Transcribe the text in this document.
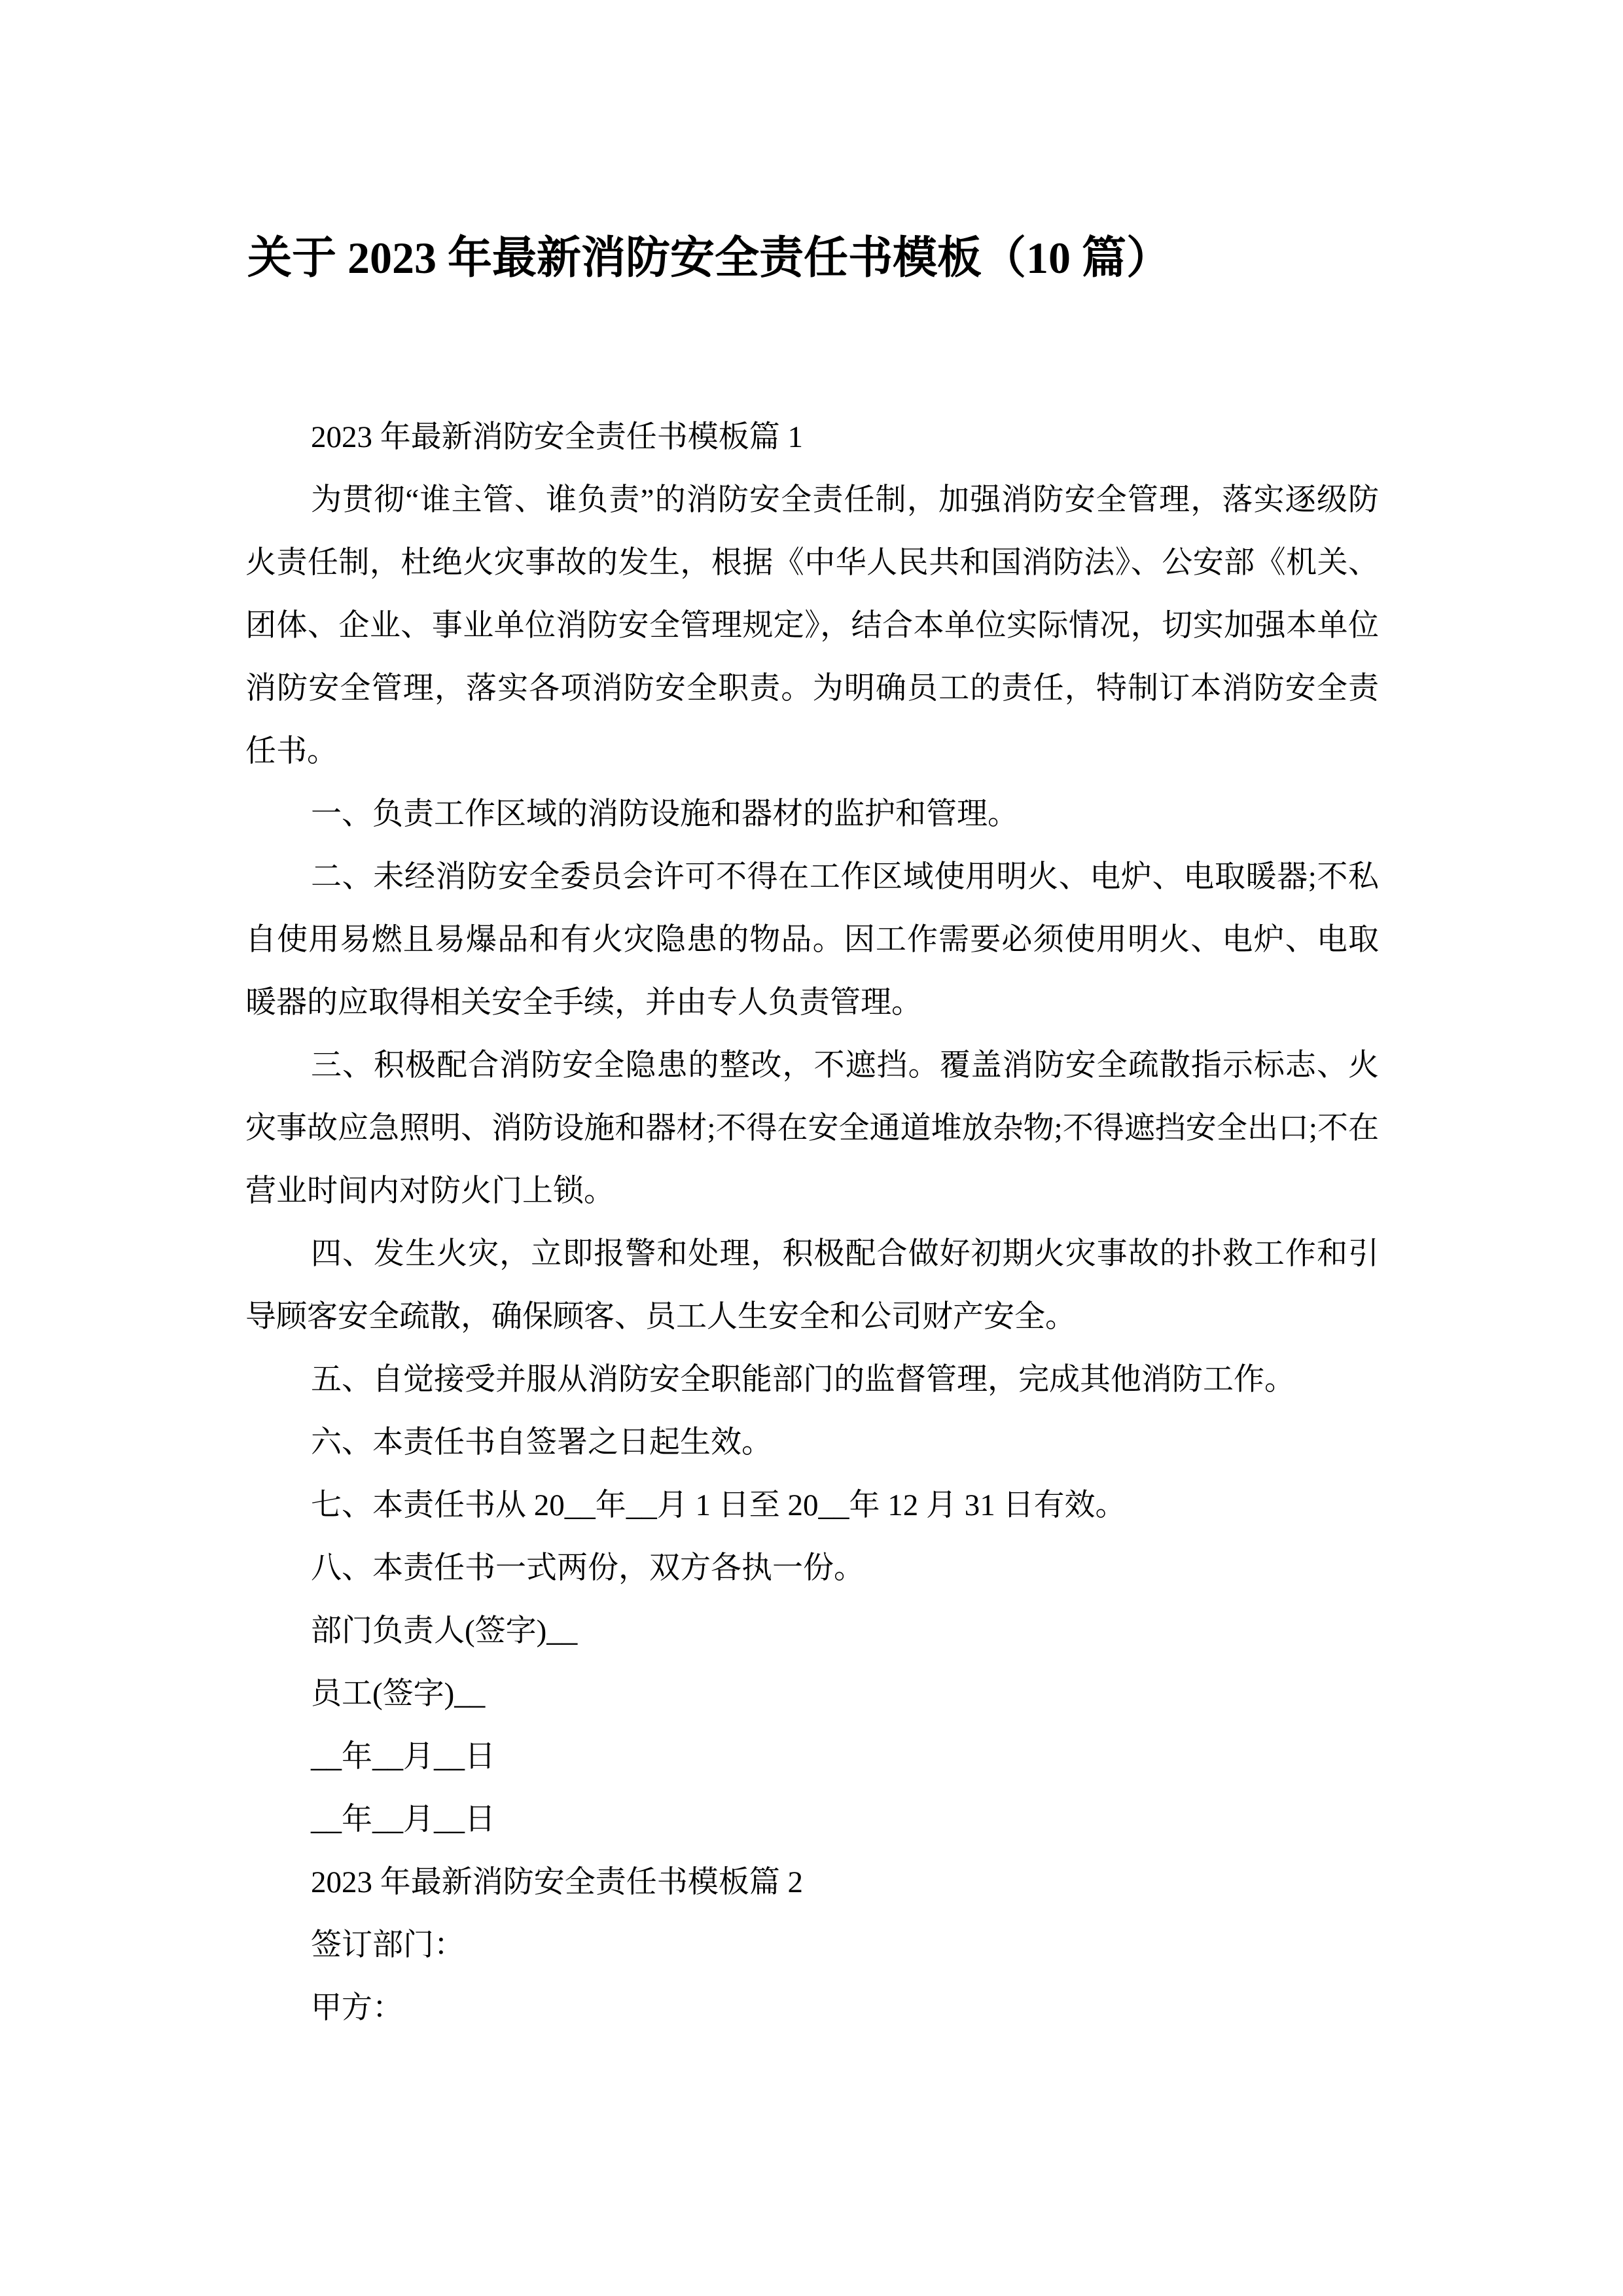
关于 2023 年最新消防安全责任书模板（10 篇）

2023 年最新消防安全责任书模板篇 1

为贯彻“谁主管、谁负责”的消防安全责任制，加强消防安全管理，落实逐级防火责任制，杜绝火灾事故的发生，根据《中华人民共和国消防法》、公安部《机关、团体、企业、事业单位消防安全管理规定》，结合本单位实际情况，切实加强本单位消防安全管理，落实各项消防安全职责。为明确员工的责任，特制订本消防安全责任书。

一、负责工作区域的消防设施和器材的监护和管理。

二、未经消防安全委员会许可不得在工作区域使用明火、电炉、电取暖器;不私自使用易燃且易爆品和有火灾隐患的物品。因工作需要必须使用明火、电炉、电取暖器的应取得相关安全手续，并由专人负责管理。

三、积极配合消防安全隐患的整改，不遮挡。覆盖消防安全疏散指示标志、火灾事故应急照明、消防设施和器材;不得在安全通道堆放杂物;不得遮挡安全出口;不在营业时间内对防火门上锁。

四、发生火灾，立即报警和处理，积极配合做好初期火灾事故的扑救工作和引导顾客安全疏散，确保顾客、员工人生安全和公司财产安全。

五、自觉接受并服从消防安全职能部门的监督管理，完成其他消防工作。

六、本责任书自签署之日起生效。

七、本责任书从 20__年__月 1 日至 20__年 12 月 31 日有效。

八、本责任书一式两份，双方各执一份。

部门负责人(签字)__

员工(签字)__

__年__月__日

__年__月__日

2023 年最新消防安全责任书模板篇 2

签订部门：

甲方：
